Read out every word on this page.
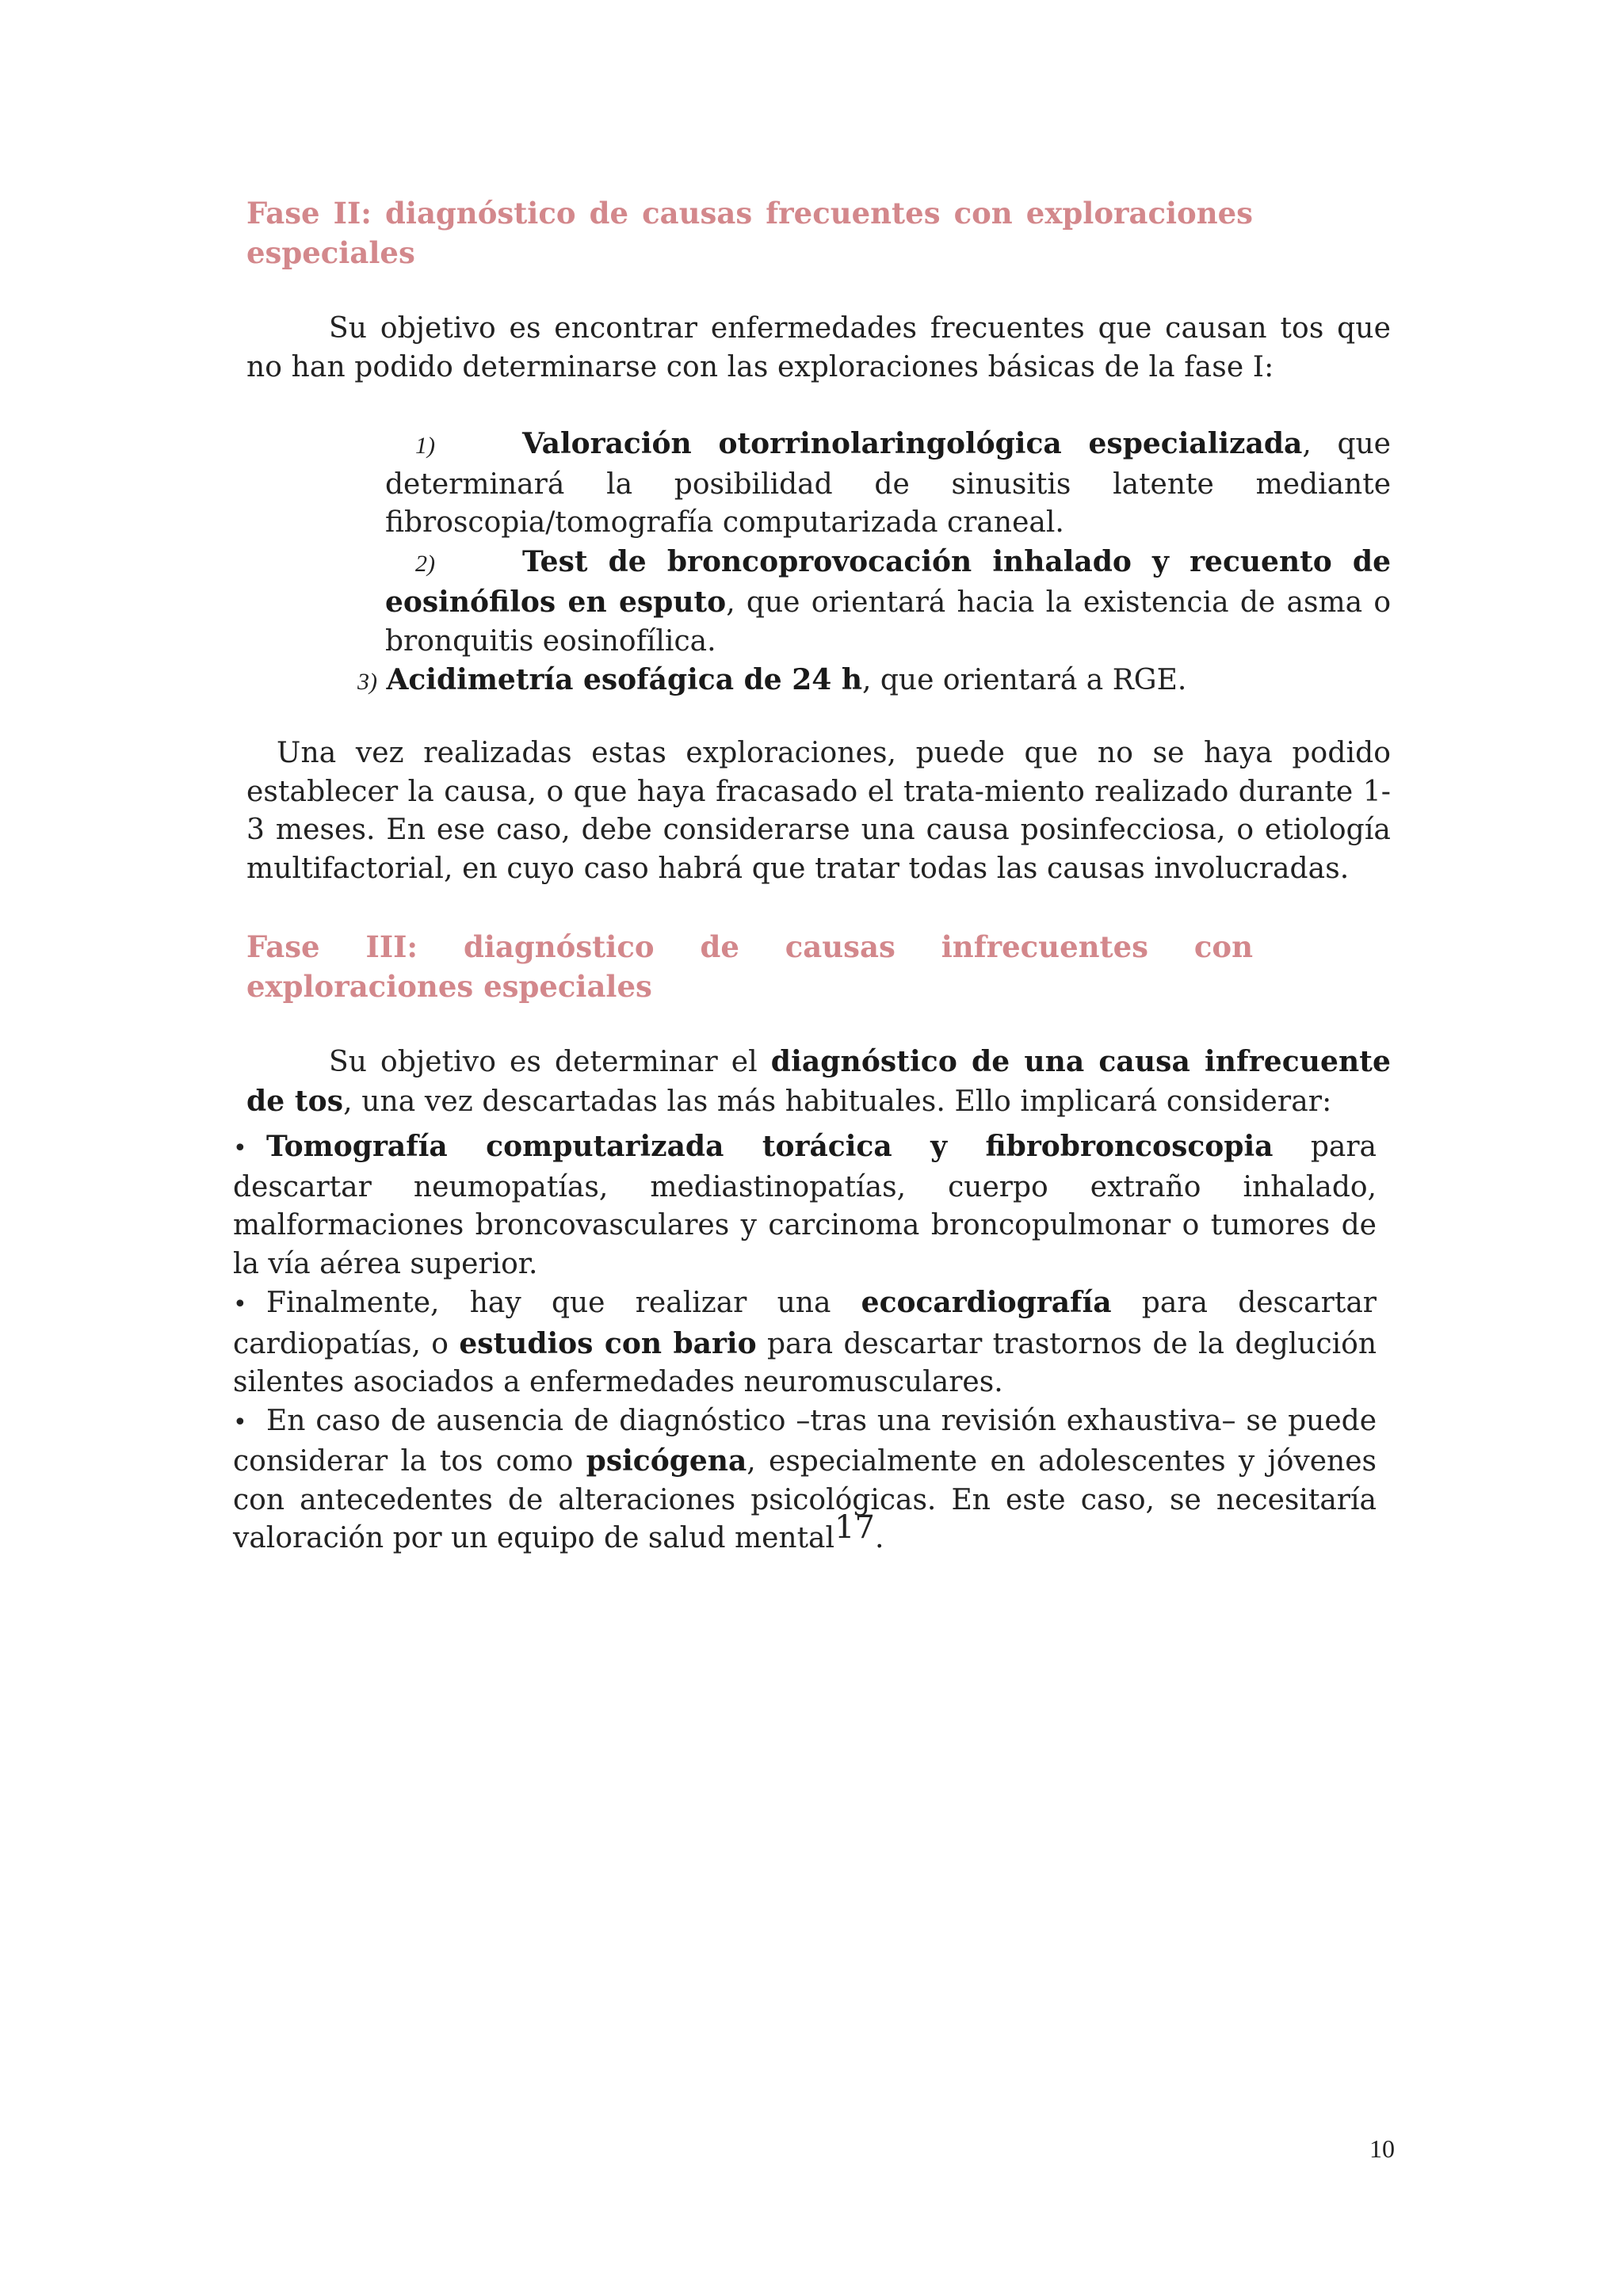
Fase II: diagnóstico de causas frecuentes con exploraciones especiales

Su objetivo es encontrar enfermedades frecuentes que causan tos que no han podido determinarse con las exploraciones básicas de la fase I:

1)	Valoración otorrinolaringológica especializada, que determinará la posibilidad de sinusitis latente mediante fibroscopia/tomografía computarizada craneal.

2)	Test de broncoprovocación inhalado y recuento de eosinófilos en esputo, que orientará hacia la existencia de asma o bronquitis eosinofílica.

3) Acidimetría esofágica de 24 h, que orientará a RGE.

Una vez realizadas estas exploraciones, puede que no se haya podido establecer la causa, o que haya fracasado el trata-miento realizado durante 1-3 meses. En ese caso, debe considerarse una causa posinfecciosa, o etiología multifactorial, en cuyo caso habrá que tratar todas las causas involucradas.

Fase III: diagnóstico de causas infrecuentes con exploraciones especiales

Su objetivo es determinar el diagnóstico de una causa infrecuente de tos, una vez descartadas las más habituales. Ello implicará considerar:

• Tomografía computarizada torácica y fibrobroncoscopia para descartar neumopatías, mediastinopatías, cuerpo extraño inhalado, malformaciones broncovasculares y carcinoma broncopulmonar o tumores de la vía aérea superior.

• Finalmente, hay que realizar una ecocardiografía para descartar cardiopatías, o estudios con bario para descartar trastornos de la deglución silentes asociados a enfermedades neuromusculares.

• En caso de ausencia de diagnóstico –tras una revisión exhaustiva– se puede considerar la tos como psicógena, especialmente en adolescentes y jóvenes con antecedentes de alteraciones psicológicas. En este caso, se necesitaría valoración por un equipo de salud mental$^{17}$.

10
